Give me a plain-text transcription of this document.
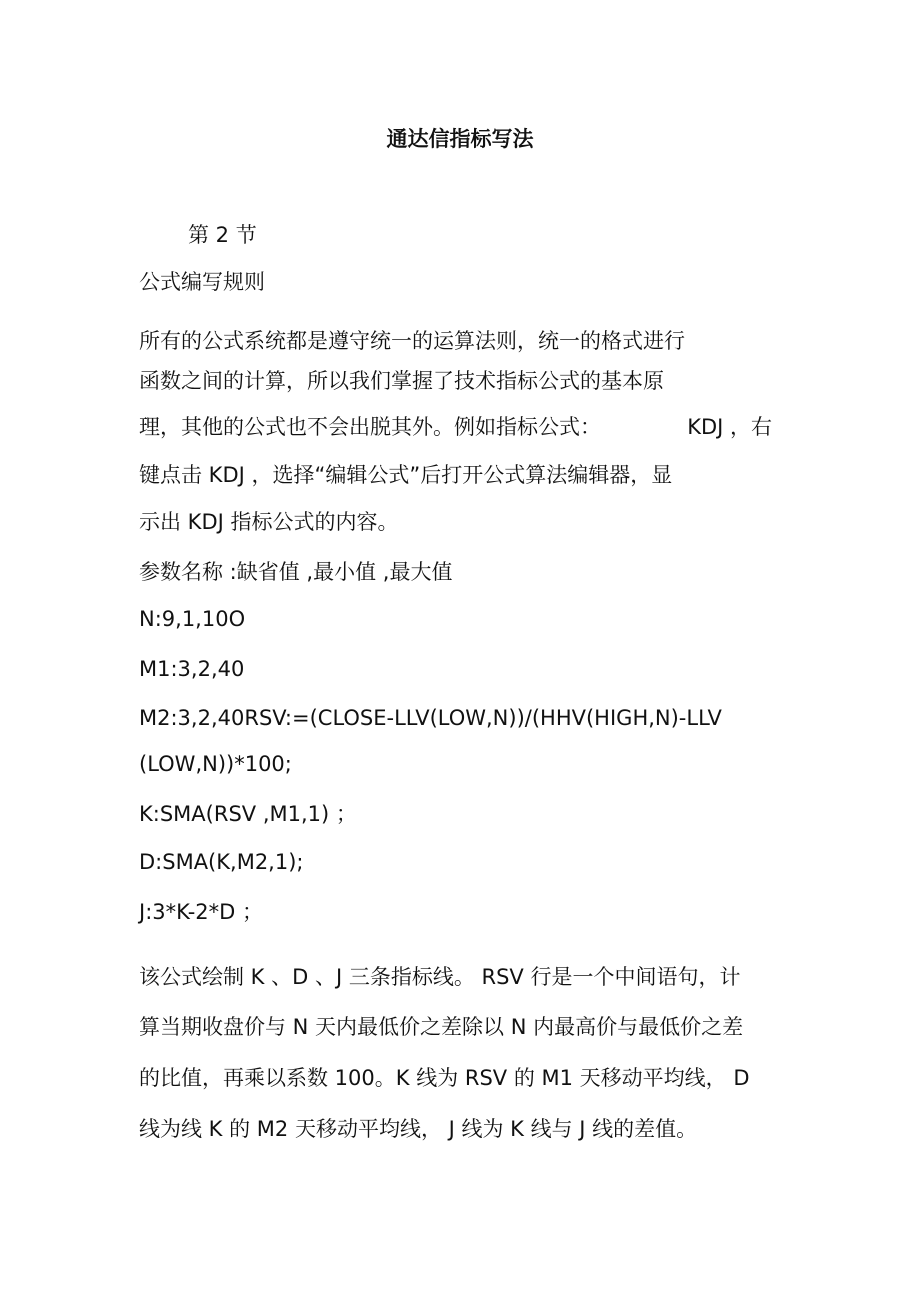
通达信指标写法

第 2 节

公式编写规则

所有的公式系统都是遵守统一的运算法则，统一的格式进行

函数之间的计算，所以我们掌握了技术指标公式的基本原

理，其他的公式也不会出脱其外。例如指标公式：	KDJ ，右

键点击 KDJ ，选择“编辑公式”后打开公式算法编辑器，显

示出 KDJ 指标公式的内容。

参数名称 :缺省值 ,最小值 ,最大值

N:9,1,10O

M1:3,2,40

M2:3,2,40RSV:=(CLOSE-LLV(LOW,N))/(HHV(HIGH,N)-LLV

(LOW,N))*100;

K:SMA(RSV ,M1,1) ；

D:SMA(K,M2,1);

J:3*K-2*D ；

该公式绘制 K 、D 、J 三条指标线。 RSV 行是一个中间语句，计

算当期收盘价与 N 天内最低价之差除以 N 内最高价与最低价之差

的比值，再乘以系数 100。K 线为 RSV 的 M1 天移动平均线， D

线为线 K 的 M2 天移动平均线， J 线为 K 线与 J 线的差值。
